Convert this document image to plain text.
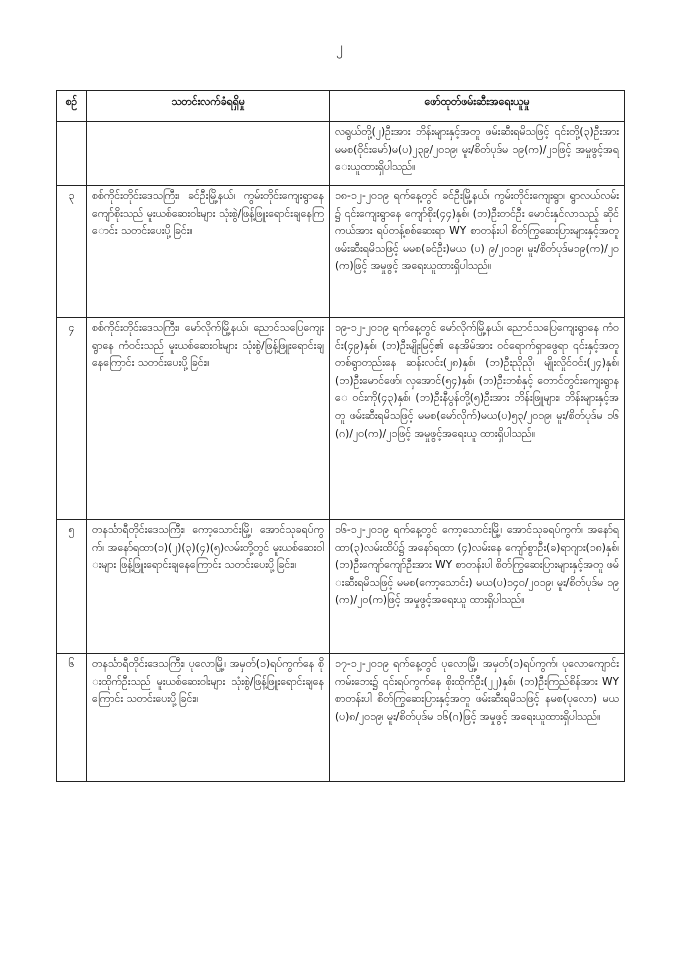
၂
စဉ်	သတင်းလက်ခံရရှိမှု	ဖော်ထုတ်ဖမ်းဆီးအရေးယူမှု
		လရွယ်တို့(၂)ဦးအား ဘိန်းများနှင့်အတူ ဖမ်းဆီးရမိသဖြင့် ၎င်းတို့(၃)ဦးအား မမစ(ဝိုင်းမော်)မ(ပ)၂၃၉/၂၀၁၉၊ မူး/စိတ်ပုဒ်မ ၁၉(က)/၂၁ဖြင့် အမှုဖွင့်အရေးယူထားရှိပါသည်။
၃	စစ်ကိုင်းတိုင်းဒေသကြီး၊ ခင်ဦးမြို့နယ်၊ ကွမ်းတိုင်းကျေးရွာနေ ကျော်စိုးသည် မူးယစ်ဆေးဝါးများ သုံးစွဲ/ဖြန့်ဖြူးရောင်းချနေကြောင်း သတင်းပေးပို့ခြင်း။	၁၈-၁၂-၂၀၁၉ ရက်နေ့တွင် ခင်ဦးမြို့နယ်၊ ကွမ်းတိုင်းကျေးရွာ၊ ရွာလယ်လမ်း၌ ၎င်းကျေးရွာနေ ကျော်စိုး(၄၄)နှစ်၊ (ဘ)ဦးတင်ဦး မောင်းနှင်လာသည့် ဆိုင်ကယ်အား ရပ်တန့်စစ်ဆေးရာ WY စာတန်းပါ စိတ်ကြွဆေးပြားများနှင့်အတူ ဖမ်းဆီးရမိသဖြင့် မမစ(ခင်ဦး)မယ (ပ) ၉/၂၀၁၉၊ မူး/စိတ်ပုဒ်မ၁၉(က)/၂၀(က)ဖြင့် အမှုဖွင့် အရေးယူထားရှိပါသည်။
၄	စစ်ကိုင်းတိုင်းဒေသကြီး၊ မော်လိုက်မြို့နယ်၊ ညောင်သပြေကျေးရွာနေ ကံဝင်းသည် မူးယစ်ဆေးဝါးများ သုံးစွဲ/ဖြန့်ဖြူးရောင်းချနေကြောင်း သတင်းပေးပို့ခြင်း။	၁၉-၁၂-၂၀၁၉ ရက်နေ့တွင် မော်လိုက်မြို့နယ်၊ ညောင်သပြေကျေးရွာနေ ကံဝင်း(၄၉)နှစ်၊ (ဘ)ဦးမျိုးမြင့်၏ နေအိမ်အား ဝင်ရောက်ရှာဖွေရာ ၎င်းနှင့်အတူ တစ်ရွာတည်းနေ ဆန်းလင်း(၂၈)နှစ်၊ (ဘ)ဦးညိုညို၊ မျိုးလှိုင်ဝင်း(၂၄)နှစ်၊ (ဘ)ဦးမောင်ဖော်၊ လှအောင်(၅၄)နှစ်၊ (ဘ)ဦးဘစံနှင့် တောင်တွင်းကျေးရွာနေ ဝင်းကို(၄၃)နှစ်၊ (ဘ)ဦးနီပွန်တို့(၅)ဦးအား ဘိန်းဖြူများ၊ ဘိန်းများနှင့်အတူ ဖမ်းဆီးရမိသဖြင့် မမစ(မော်လိုက်)မယ(ပ)၅၃/၂၀၁၉၊ မူး/စိတ်ပုဒ်မ ၁၆(ဂ)/၂၀(က)/၂၁ဖြင့် အမှုဖွင့်အရေးယူ ထားရှိပါသည်။
၅	တနင်္သာရီတိုင်းဒေသကြီး၊ ကော့သောင်းမြို့၊ အောင်သုခရပ်ကွက်၊ အနော်ရထာ(၁)(၂)(၃)(၄)(၅)လမ်းတို့တွင် မူးယစ်ဆေးဝါးများ ဖြန့်ဖြူးရောင်းချနေကြောင်း သတင်းပေးပို့ခြင်း။	၁၆-၁၂-၂၀၁၉ ရက်နေ့တွင် ကော့သောင်းမြို့၊ အောင်သုခရပ်ကွက်၊ အနော်ရထာ(၃)လမ်းထိပ်၌ အနော်ရထာ (၄)လမ်းနေ ကျော်စွာဦး(ခ)ရာဂျား(၁၈)နှစ်၊(ဘ)ဦးကျော်ကျော်ဦးအား WY စာတန်းပါ စိတ်ကြွဆေးပြားများနှင့်အတူ ဖမ်းဆီးရမိသဖြင့် မမစ(ကော့သောင်း) မယ(ပ)၁၄၀/၂၀၁၉၊ မူး/စိတ်ပုဒ်မ ၁၉(က)/၂၀(က)ဖြင့် အမှုဖွင့်အရေးယူ ထားရှိပါသည်။
၆	တနင်္သာရီတိုင်းဒေသကြီး၊ ပုလောမြို့၊ အမှတ်(၁)ရပ်ကွက်နေ စိုးထိုက်ဦးသည် မူးယစ်ဆေးဝါးများ သုံးစွဲ/ဖြန့်ဖြူးရောင်းချနေကြောင်း သတင်းပေးပို့ခြင်း။	၁၇-၁၂-၂၀၁၉ ရက်နေ့တွင် ပုလောမြို့၊ အမှတ်(၁)ရပ်ကွက်၊ ပုလောကျောင်းကမ်းဘေး၌ ၎င်းရပ်ကွက်နေ စိုးထိုက်ဦး(၂၂)နှစ်၊ (ဘ)ဦးကြည်စိန်အား WY စာတန်းပါ စိတ်ကြွဆေးပြားနှင့်အတူ ဖမ်းဆီးရမိသဖြင့် နမစ(ပုလော) မယ(ပ)၈/၂၀၁၉၊ မူး/စိတ်ပုဒ်မ ၁၆(ဂ)ဖြင့် အမှုဖွင့် အရေးယူထားရှိပါသည်။
